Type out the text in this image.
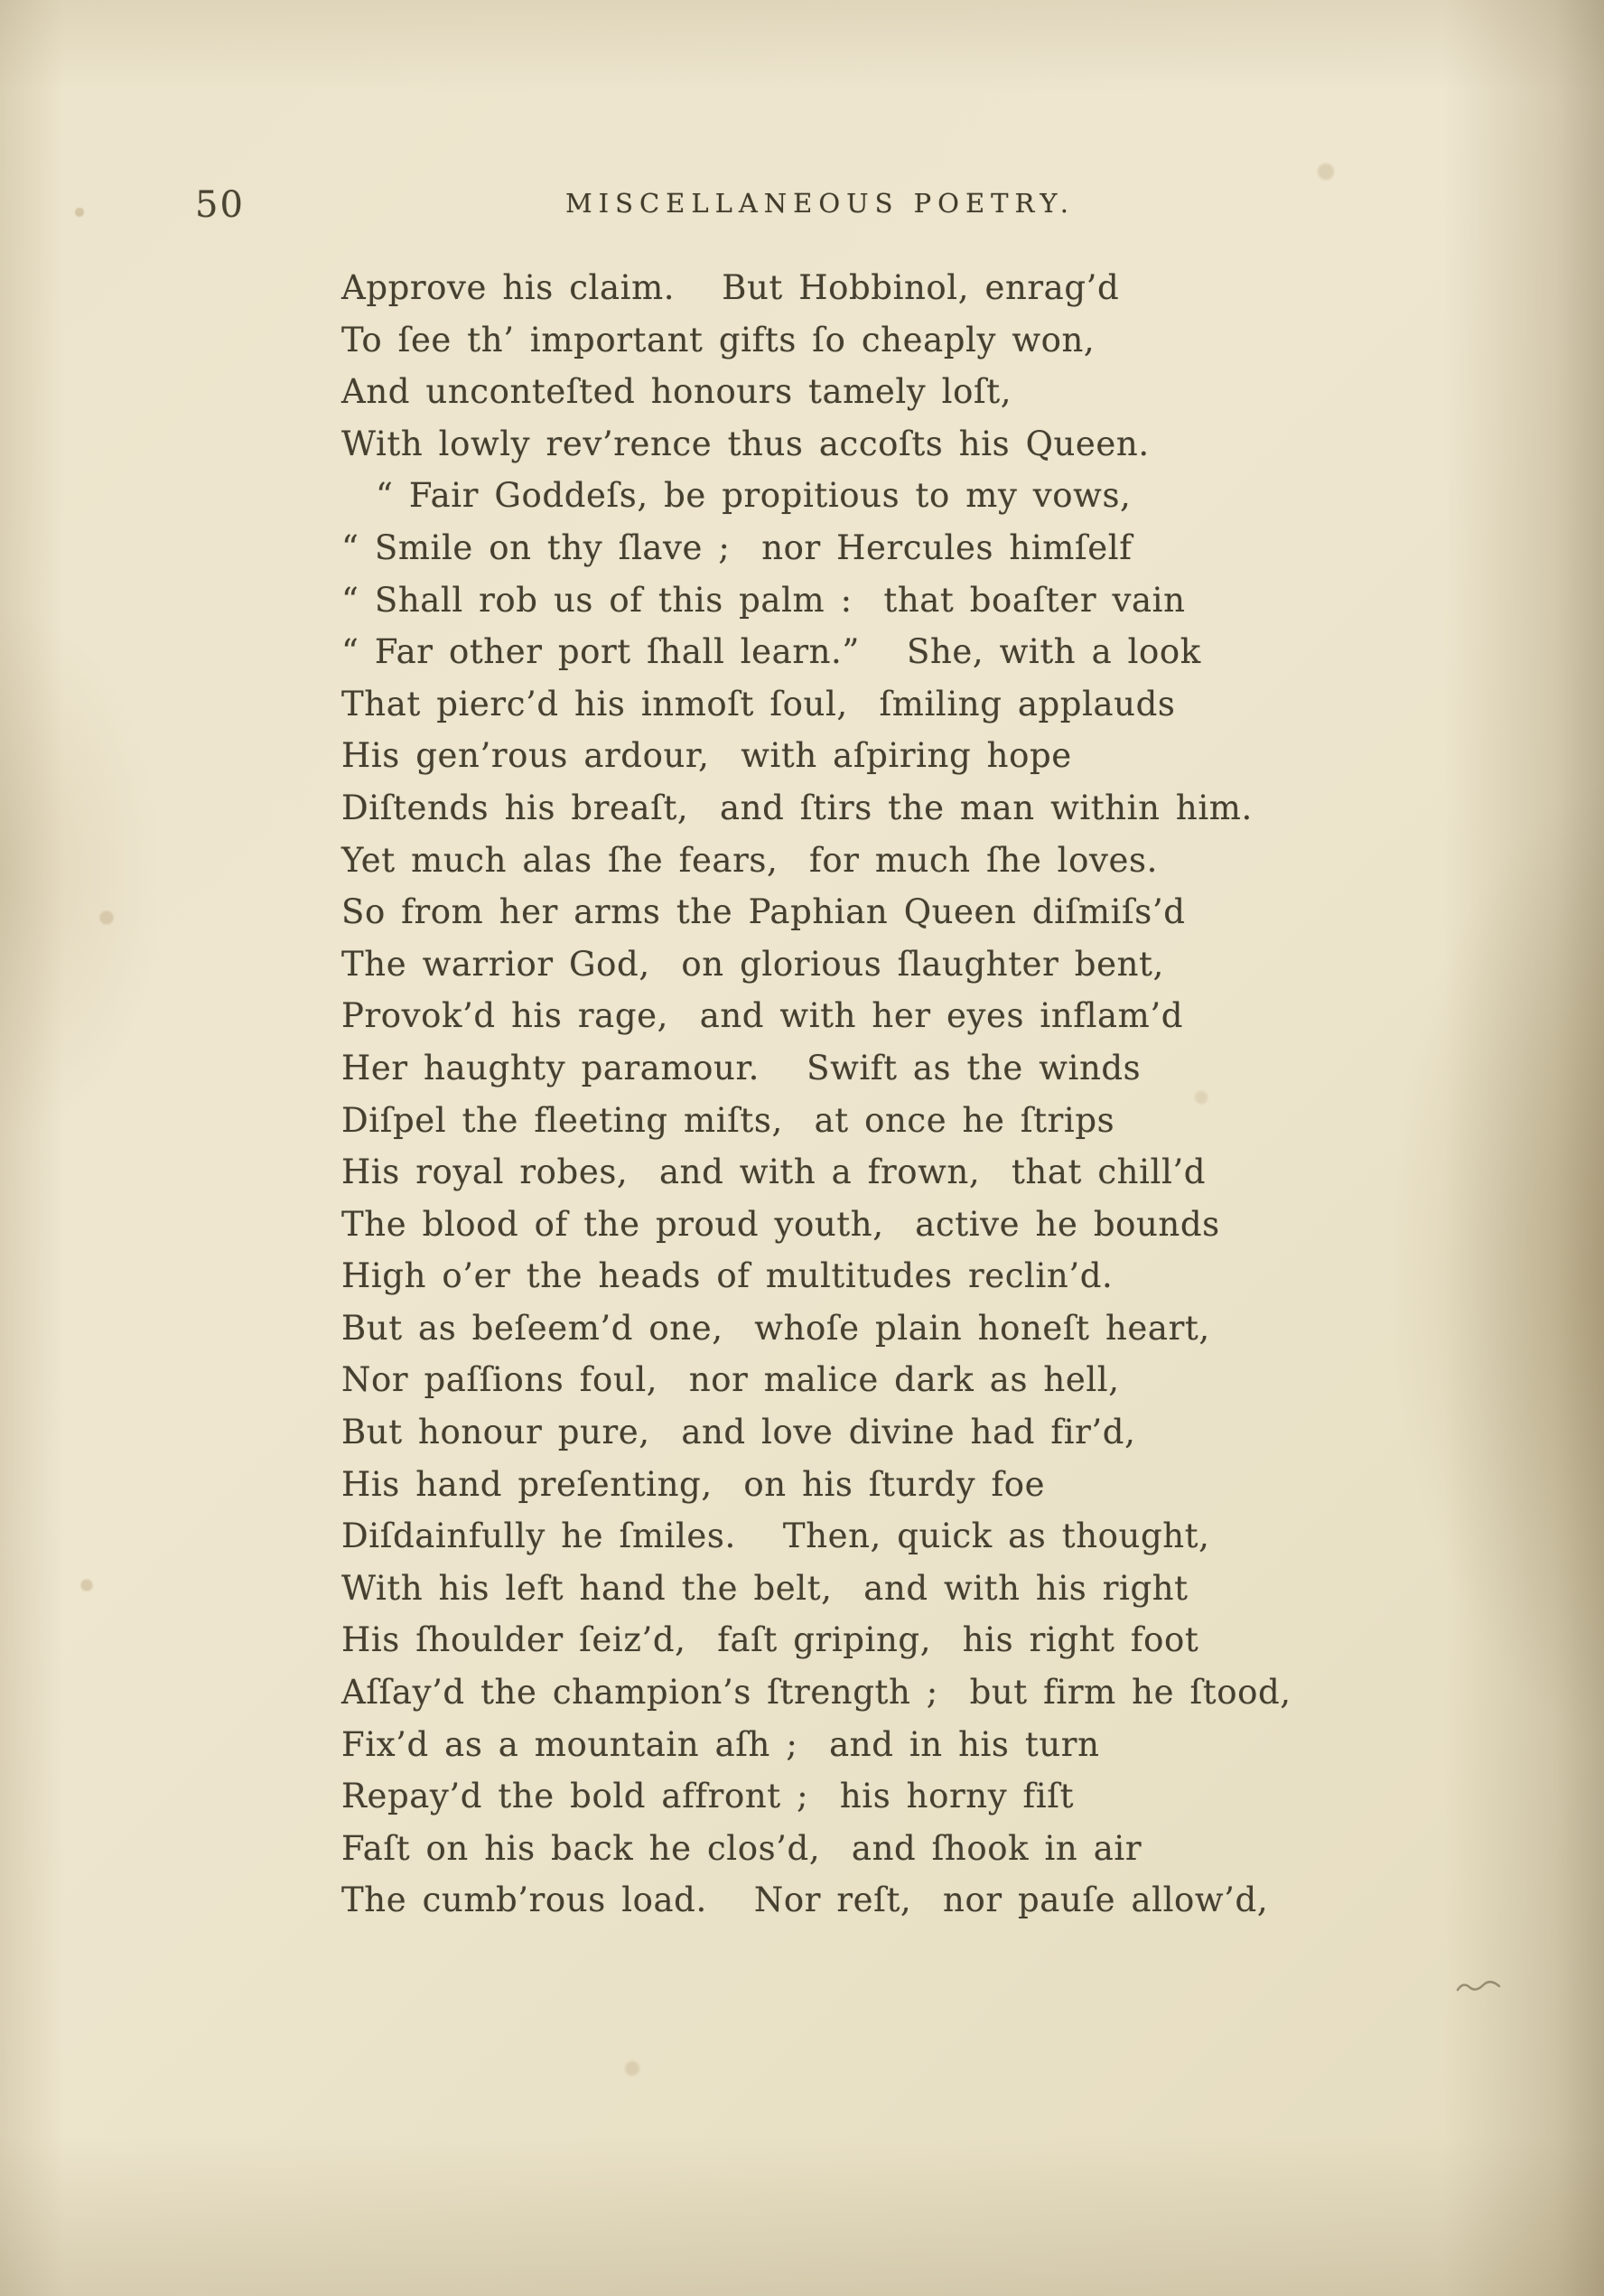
50	MISCELLANEOUS POETRY.
Approve his claim.   But Hobbinol, enrag’d
To ſee th’ important gifts ſo cheaply won,
And unconteſted honours tamely loſt,
With lowly rev’rence thus accoſts his Queen.
“ Fair Goddeſs, be propitious to my vows,
“ Smile on thy ſlave ;  nor Hercules himſelf
“ Shall rob us of this palm :  that boaſter vain
“ Far other port ſhall learn.”   She, with a look
That pierc’d his inmoſt ſoul,  ſmiling applauds
His gen’rous ardour,  with aſpiring hope
Diſtends his breaſt,  and ſtirs the man within him.
Yet much alas ſhe fears,  for much ſhe loves.
So from her arms the Paphian Queen diſmiſs’d
The warrior God,  on glorious ſlaughter bent,
Provok’d his rage,  and with her eyes inflam’d
Her haughty paramour.   Swift as the winds
Diſpel the fleeting miſts,  at once he ſtrips
His royal robes,  and with a frown,  that chill’d
The blood of the proud youth,  active he bounds
High o’er the heads of multitudes reclin’d.
But as beſeem’d one,  whoſe plain honeſt heart,
Nor paſſions foul,  nor malice dark as hell,
But honour pure,  and love divine had fir’d,
His hand preſenting,  on his ſturdy foe
Diſdainfully he ſmiles.   Then, quick as thought,
With his left hand the belt,  and with his right
His ſhoulder ſeiz’d,  faſt griping,  his right foot
Aſſay’d the champion’s ſtrength ;  but firm he ſtood,
Fix’d as a mountain aſh ;  and in his turn
Repay’d the bold affront ;  his horny fiſt
Faſt on his back he clos’d,  and ſhook in air
The cumb’rous load.   Nor reſt,  nor pauſe allow’d,
